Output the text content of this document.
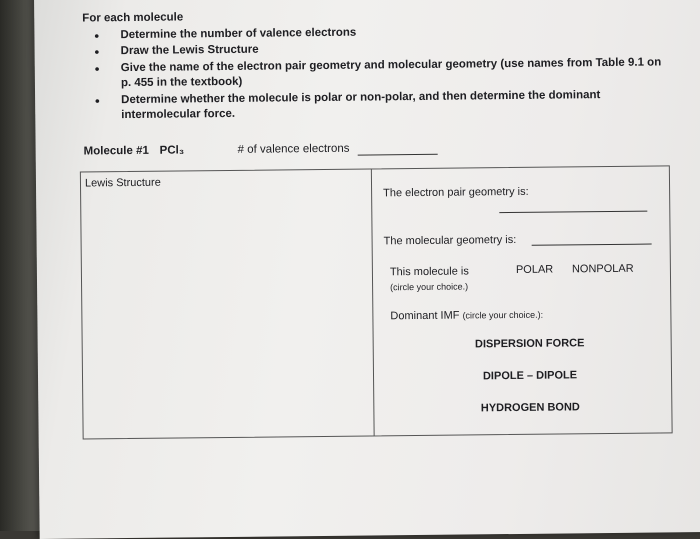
For each molecule
• Determine the number of valence electrons
• Draw the Lewis Structure
• Give the name of the electron pair geometry and molecular geometry (use names from Table 9.1 on p. 455 in the textbook)
• Determine whether the molecule is polar or non-polar, and then determine the dominant intermolecular force.
Molecule #1 PCl₃	# of valence electrons
Lewis Structure
The electron pair geometry is:
The molecular geometry is:
This molecule is
(circle your choice.)
POLAR NONPOLAR
Dominant IMF (circle your choice.):
DISPERSION FORCE
DIPOLE – DIPOLE
HYDROGEN BOND
